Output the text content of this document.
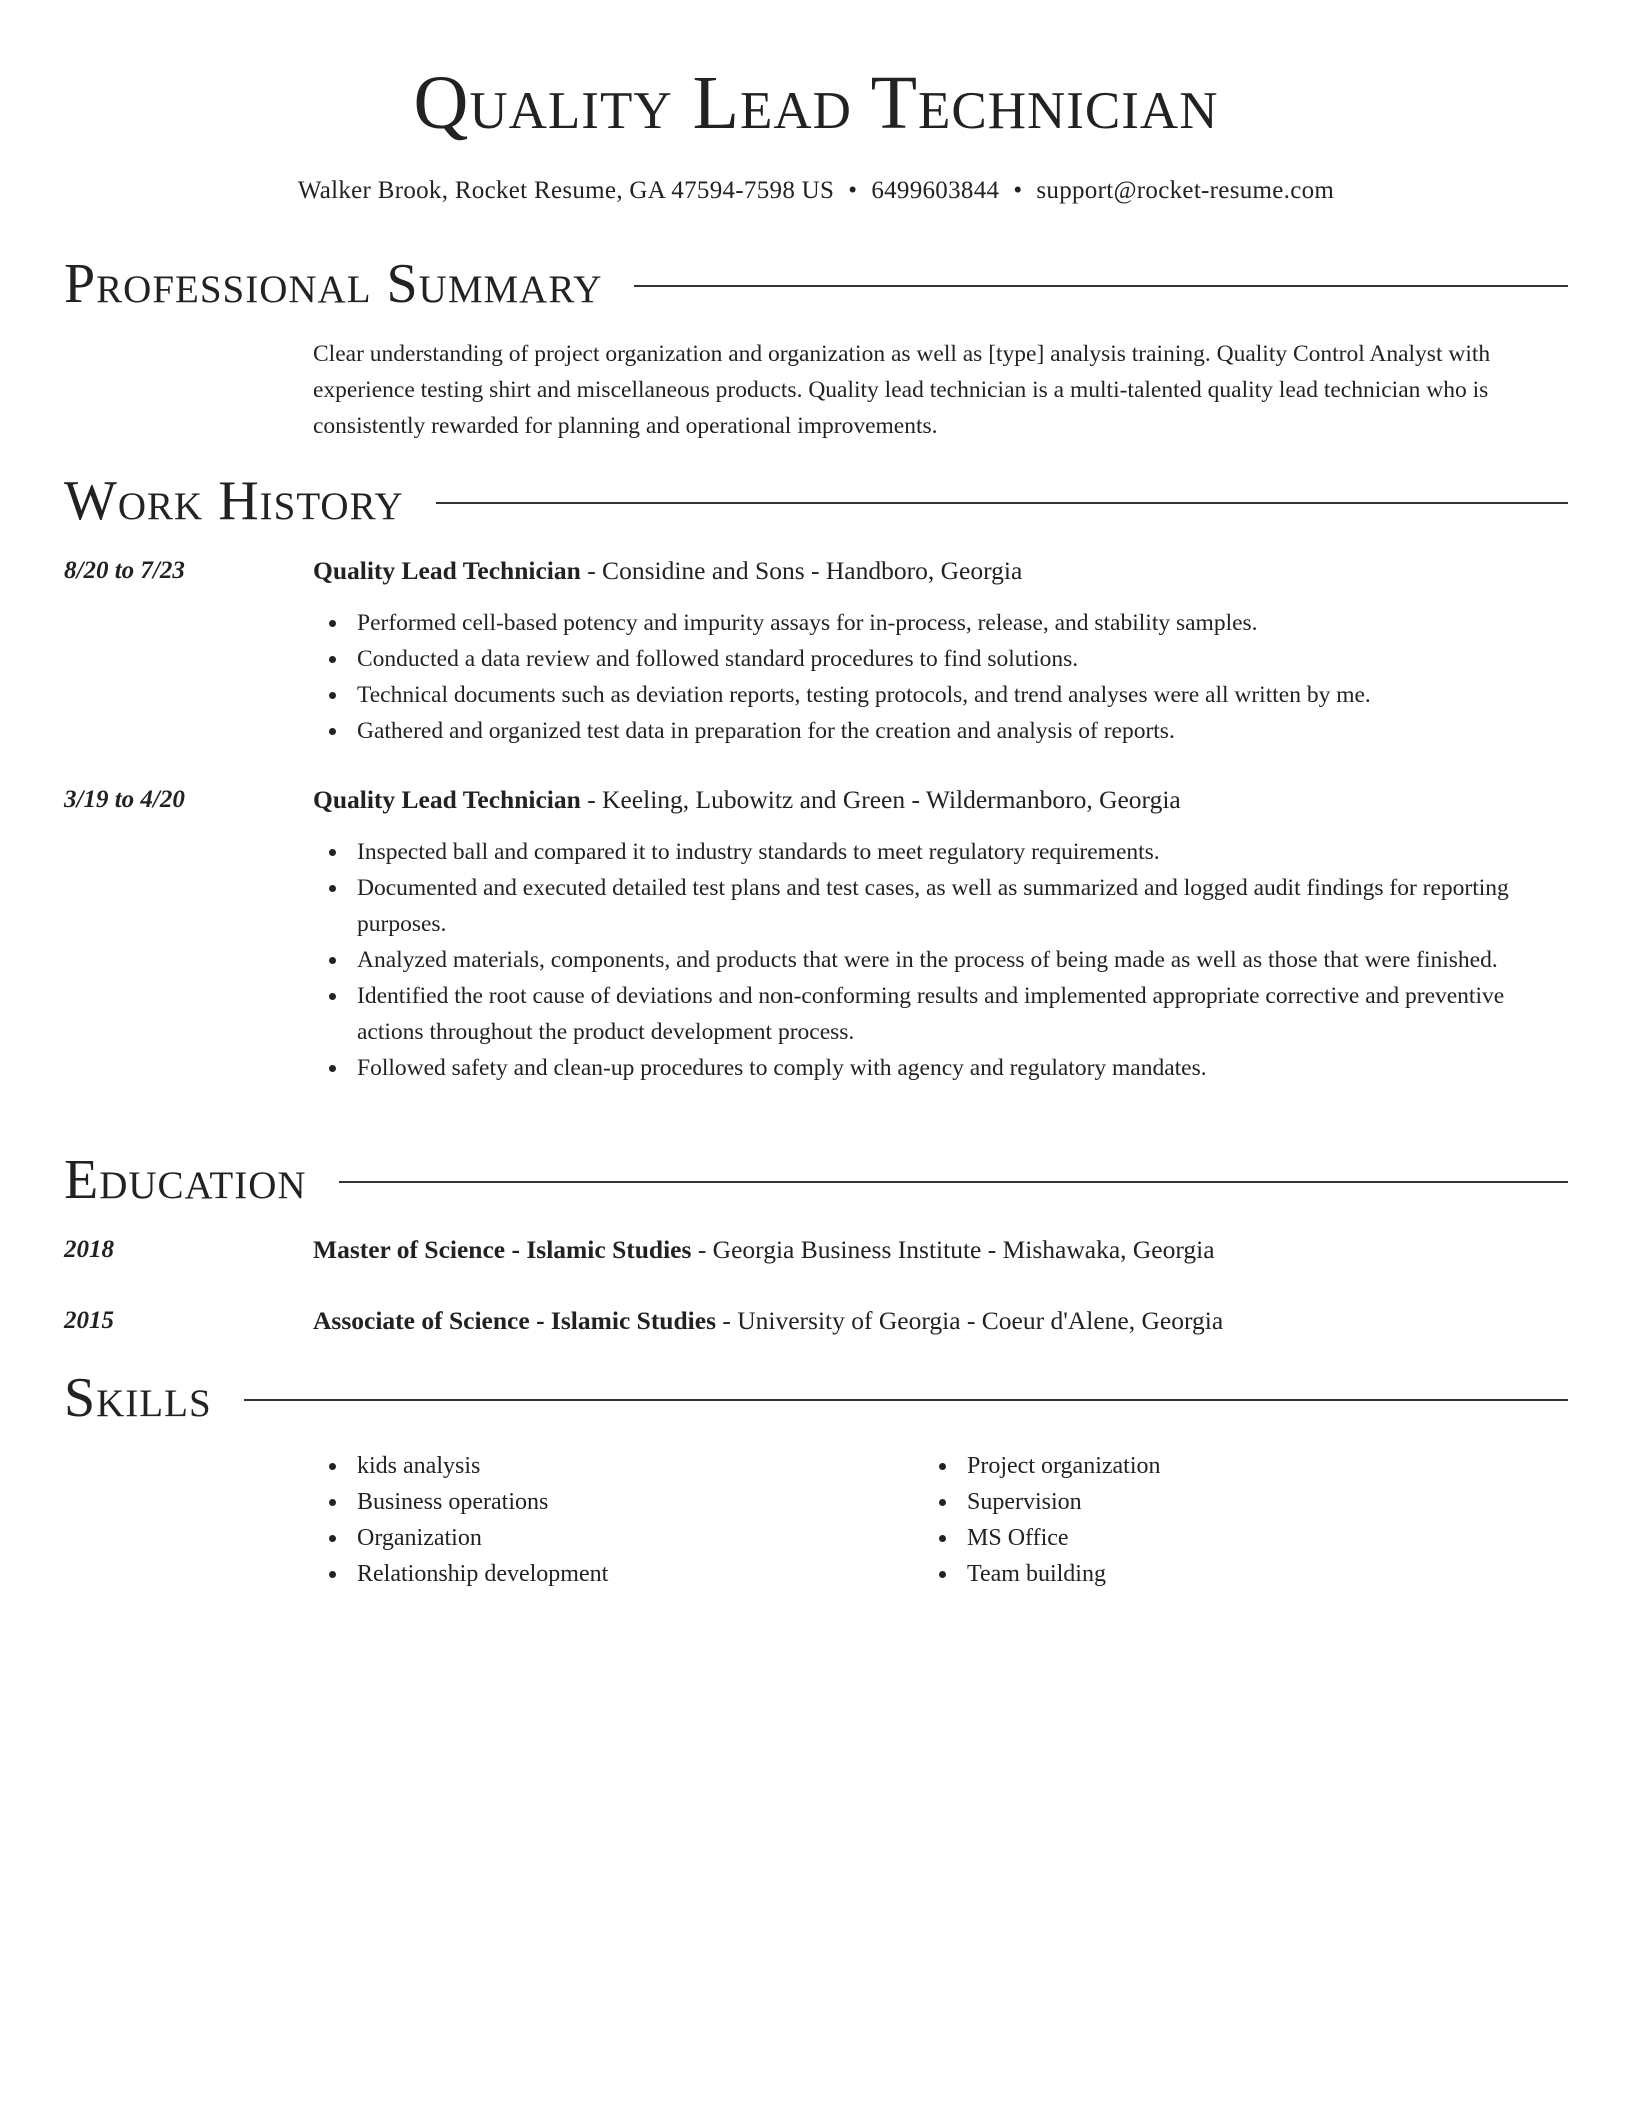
Quality Lead Technician
Walker Brook, Rocket Resume, GA 47594-7598 US • 6499603844 • support@rocket-resume.com
Professional Summary

Clear understanding of project organization and organization as well as [type] analysis training. Quality Control Analyst with experience testing shirt and miscellaneous products. Quality lead technician is a multi-talented quality lead technician who is consistently rewarded for planning and operational improvements.

Work History
8/20 to 7/23	Quality Lead Technician - Considine and Sons - Handboro, Georgia
Performed cell-based potency and impurity assays for in-process, release, and stability samples.
Conducted a data review and followed standard procedures to find solutions.
Technical documents such as deviation reports, testing protocols, and trend analyses were all written by me.
Gathered and organized test data in preparation for the creation and analysis of reports.
3/19 to 4/20	Quality Lead Technician - Keeling, Lubowitz and Green - Wildermanboro, Georgia
Inspected ball and compared it to industry standards to meet regulatory requirements.
Documented and executed detailed test plans and test cases, as well as summarized and logged audit findings for reporting purposes.
Analyzed materials, components, and products that were in the process of being made as well as those that were finished.
Identified the root cause of deviations and non-conforming results and implemented appropriate corrective and preventive actions throughout the product development process.
Followed safety and clean-up procedures to comply with agency and regulatory mandates.
Education
2018	Master of Science - Islamic Studies - Georgia Business Institute - Mishawaka, Georgia
2015	Associate of Science - Islamic Studies - University of Georgia - Coeur d'Alene, Georgia
Skills
kids analysis
Business operations
Organization
Relationship development
Project organization
Supervision
MS Office
Team building
